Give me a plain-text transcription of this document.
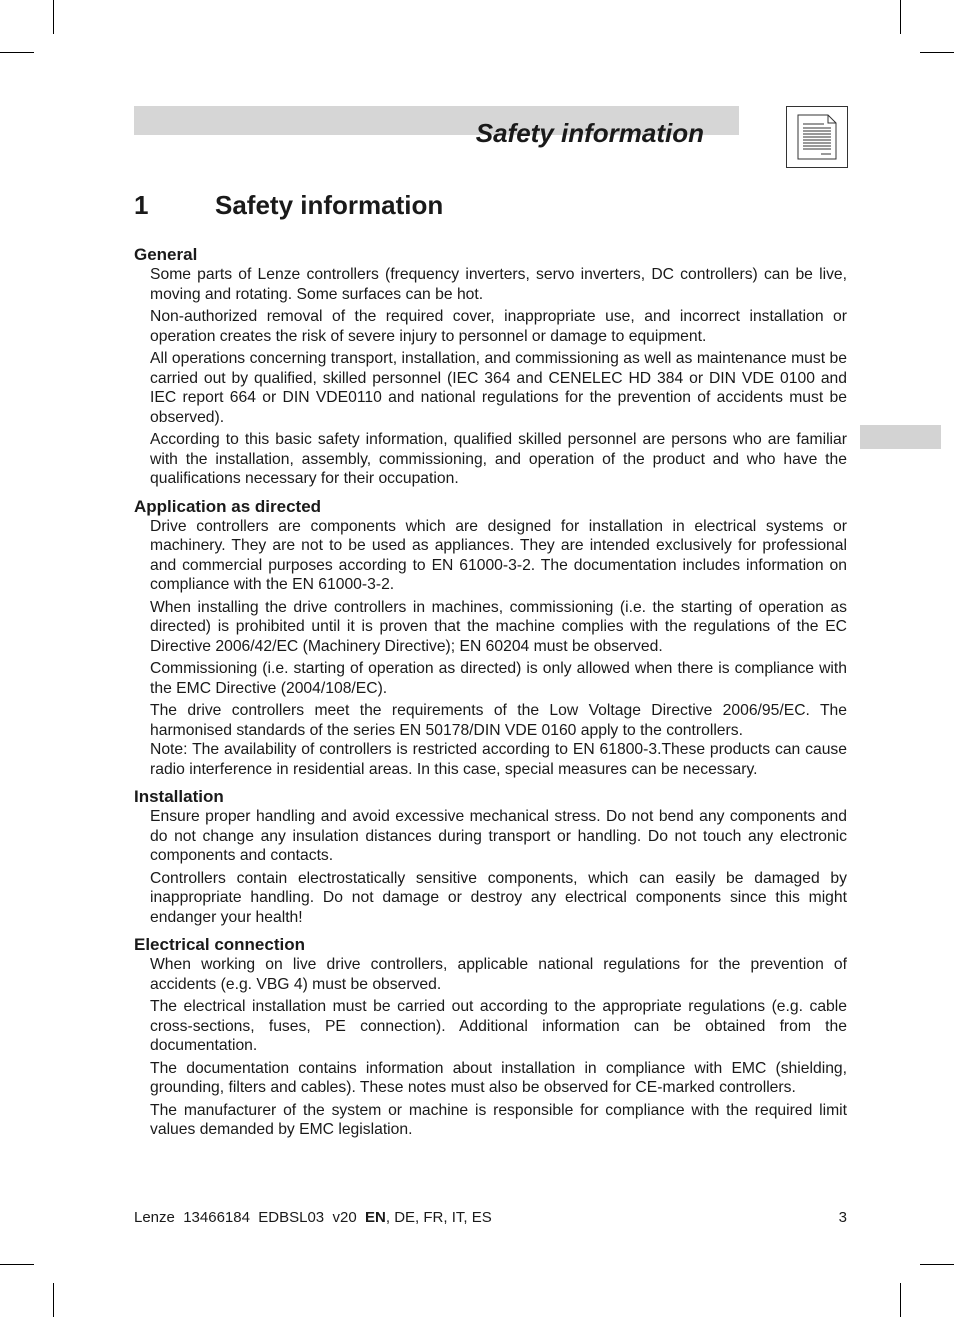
Safety information
1	Safety information

General

Some parts of Lenze controllers (frequency inverters, servo inverters, DC controllers) can be live, moving and rotating. Some surfaces can be hot.

Non-authorized removal of the required cover, inappropriate use, and incorrect installation or operation creates the risk of severe injury to personnel or damage to equipment.

All operations concerning transport, installation, and commissioning as well as maintenance must be carried out by qualified, skilled personnel (IEC 364 and CENELEC HD 384 or DIN VDE 0100 and IEC report 664 or DIN VDE0110 and national regulations for the prevention of accidents must be observed).

According to this basic safety information, qualified skilled personnel are persons who are familiar with the installation, assembly, commissioning, and operation of the product and who have the qualifications necessary for their occupation.

Application as directed

Drive controllers are components which are designed for installation in electrical systems or machinery. They are not to be used as appliances. They are intended exclusively for professional and commercial purposes according to EN 61000-3-2. The documentation includes information on compliance with the EN 61000-3-2.

When installing the drive controllers in machines, commissioning (i.e. the starting of operation as directed) is prohibited until it is proven that the machine complies with the regulations of the EC Directive 2006/42/EC (Machinery Directive); EN 60204 must be observed.

Commissioning (i.e. starting of operation as directed) is only allowed when there is compliance with the EMC Directive (2004/108/EC).

The drive controllers meet the requirements of the Low Voltage Directive 2006/95/EC. The harmonised standards of the series EN 50178/DIN VDE 0160 apply to the controllers.

Note: The availability of controllers is restricted according to EN 61800-3.These products can cause radio interference in residential areas. In this case, special measures can be necessary.

Installation

Ensure proper handling and avoid excessive mechanical stress. Do not bend any components and do not change any insulation distances during transport or handling. Do not touch any electronic components and contacts.

Controllers contain electrostatically sensitive components, which can easily be damaged by inappropriate handling. Do not damage or destroy any electrical components since this might endanger your health!

Electrical connection

When working on live drive controllers, applicable national regulations for the prevention of accidents (e.g. VBG 4) must be observed.

The electrical installation must be carried out according to the appropriate regulations (e.g. cable cross-sections, fuses, PE connection). Additional information can be obtained from the documentation.

The documentation contains information about installation in compliance with EMC (shielding, grounding, filters and cables). These notes must also be observed for CE-marked controllers.

The manufacturer of the system or machine is responsible for compliance with the required limit values demanded by EMC legislation.

Lenze  13466184  EDBSL03  v20  EN, DE, FR, IT, ES	3
